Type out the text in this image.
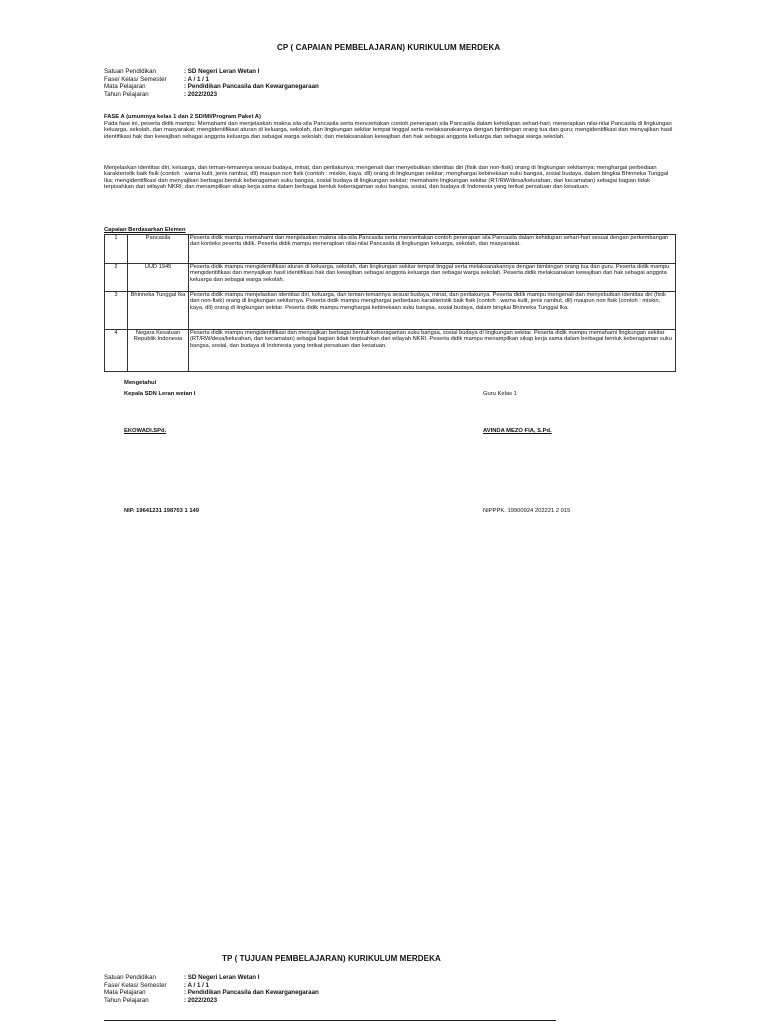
CP ( CAPAIAN PEMBELAJARAN) KURIKULUM MERDEKA
Satuan Pendidikan	: SD Negeri Leran Wetan I
Fase/ Kelas/ Semester	: A / 1 / 1
Mata Pelajaran	: Pendidikan Pancasila dan Kewarganegaraan
Tahun Pelajaran	: 2022/2023
FASE A (umumnya kelas 1 dan 2 SD/MI/Program Paket A)
Pada fase ini, peserta didik mampu: Memahami dan menjelaskan makna sila-sila Pancasila serta menceritakan contoh penerapan sila Pancasila dalam kehidupan sehari-hari; menerapkan nilai-nilai Pancasila di lingkungan keluarga, sekolah, dan masyarakat; mengidentifikasi aturan di keluarga, sekolah, dan lingkungan sekitar tempat tinggal serta melaksanakannya dengan bimbingan orang tua dan guru; mengidentifikasi dan menyajikan hasil identifikasi hak dan kewajiban sebagai anggota keluarga dan sebagai warga sekolah; dan melaksanakan kewajiban dan hak sebagai anggota keluarga dan sebagai warga sekolah.
Menjelaskan identitas diri, keluarga, dan teman-temannya sesuai budaya, minat, dan perilakunya; mengenali dan menyebutkan identitas diri (fisik dan non-fisik) orang di lingkungan sekitarnya; menghargai perbedaan karakteristik baik fisik (contoh : warna kulit, jenis rambut, dll) maupun non fisik (contoh : miskin, kaya, dll) orang di lingkungan sekitar; menghargai kebinekaan suku bangsa, sosial budaya, dalam bingkai Bhinneka Tunggal Ika; mengidentifikasi dan menyajikan berbagai bentuk keberagaman suku bangsa, sosial budaya di lingkungan sekitar; memahami lingkungan sekitar (RT/RW/desa/kelurahan, dan kecamatan) sebagai bagian tidak terpisahkan dari wilayah NKRI; dan menampilkan sikap kerja sama dalam berbagai bentuk keberagaman suku bangsa, sosial, dan budaya di Indonesia yang terikat persatuan dan kesatuan.
Capaian Berdasarkan Elemen
1	Pancasila	Peserta didik mampu memahami dan menjelaskan makna sila-sila Pancasila serta menceritakan contoh penerapan sila Pancasila dalam kehidupan sehari-hari sesuai dengan perkembangan dan konteks peserta didik. Peserta didik mampu menerapkan nilai-nilai Pancasila di lingkungan keluarga, sekolah, dan masyarakat.
2	UUD 1945	Peserta didik mampu mengidentifikasi aturan di keluarga, sekolah, dan lingkungan sekitar tempat tinggal serta melaksanakannya dengan bimbingan orang tua dan guru. Peserta didik mampu mengidentifikasi dan menyajikan hasil identifikasi hak dan kewajiban sebagai anggota keluarga dan sebagai warga sekolah. Peserta didik melaksanakan kewajiban dan hak sebagai anggota keluarga dan sebagai warga sekolah.
3	Bhinneka Tunggal Ika	Peserta didik mampu menjelaskan identitas diri, keluarga, dan teman-temannya sesuai budaya, minat, dan perilakunya. Peserta didik mampu mengenali dan menyebutkan identitas diri (fisik dan non-fisik) orang di lingkungan sekitarnya. Peserta didik mampu menghargai perbedaan karakteristik baik fisik (contoh : warna kulit, jenis rambut, dll) maupun non fisik (contoh : miskin, kaya, dll) orang di lingkungan sekitar. Peserta didik mampu menghargai kebinekaan suku bangsa, sosial budaya, dalam bingkai Bhinneka Tunggal Ika.
4	Negara Kesatuan Republik Indonesia	Peserta didik mampu mengidentifikasi dan menyajikan berbagai bentuk keberagaman suku bangsa, sosial budaya di lingkungan sekitar. Peserta didik mampu memahami lingkungan sekitar (RT/RW/desa/kelurahan, dan kecamatan) sebagai bagian tidak terpisahkan dari wilayah NKRI. Peserta didik mampu menampilkan sikap kerja sama dalam berbagai bentuk keberagaman suku bangsa, sosial, dan budaya di Indonesia yang terikat persatuan dan kesatuan.
Mengetahui
Kepala SDN Leran wetan I	Guru Kelas 1
EKOWADI.SPd.	AVINDA MEZO FIA, S.Pd.
NIP. 19641231 198703 1 149	NIPPPK. 19900924 202221 2 015
TP ( TUJUAN PEMBELAJARAN) KURIKULUM MERDEKA
Satuan Pendidikan	: SD Negeri Leran Wetan I
Fase/ Kelas/ Semester	: A / 1 / 1
Mata Pelajaran	: Pendidikan Pancasila dan Kewarganegaraan
Tahun Pelajaran	: 2022/2023
